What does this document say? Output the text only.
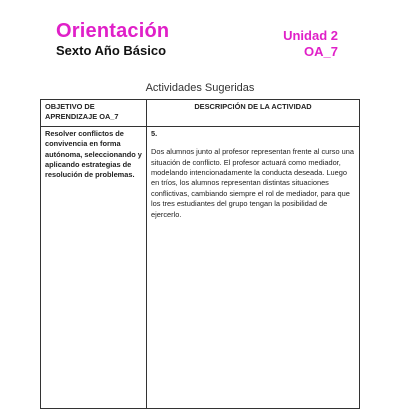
Orientación
Sexto Año Básico
Unidad 2
OA_7
Actividades Sugeridas
OBJETIVO DE APRENDIZAJE OA_7	DESCRIPCIÓN DE LA ACTIVIDAD
Resolver conflictos de convivencia en forma autónoma, seleccionando y aplicando estrategias de resolución de problemas.	5.
Dos alumnos junto al profesor representan frente al curso una situación de conflicto. El profesor actuará como mediador, modelando intencionadamente la conducta deseada. Luego en tríos, los alumnos representan distintas situaciones conflictivas, cambiando siempre el rol de mediador, para que los tres estudiantes del grupo tengan la posibilidad de ejercerlo.
